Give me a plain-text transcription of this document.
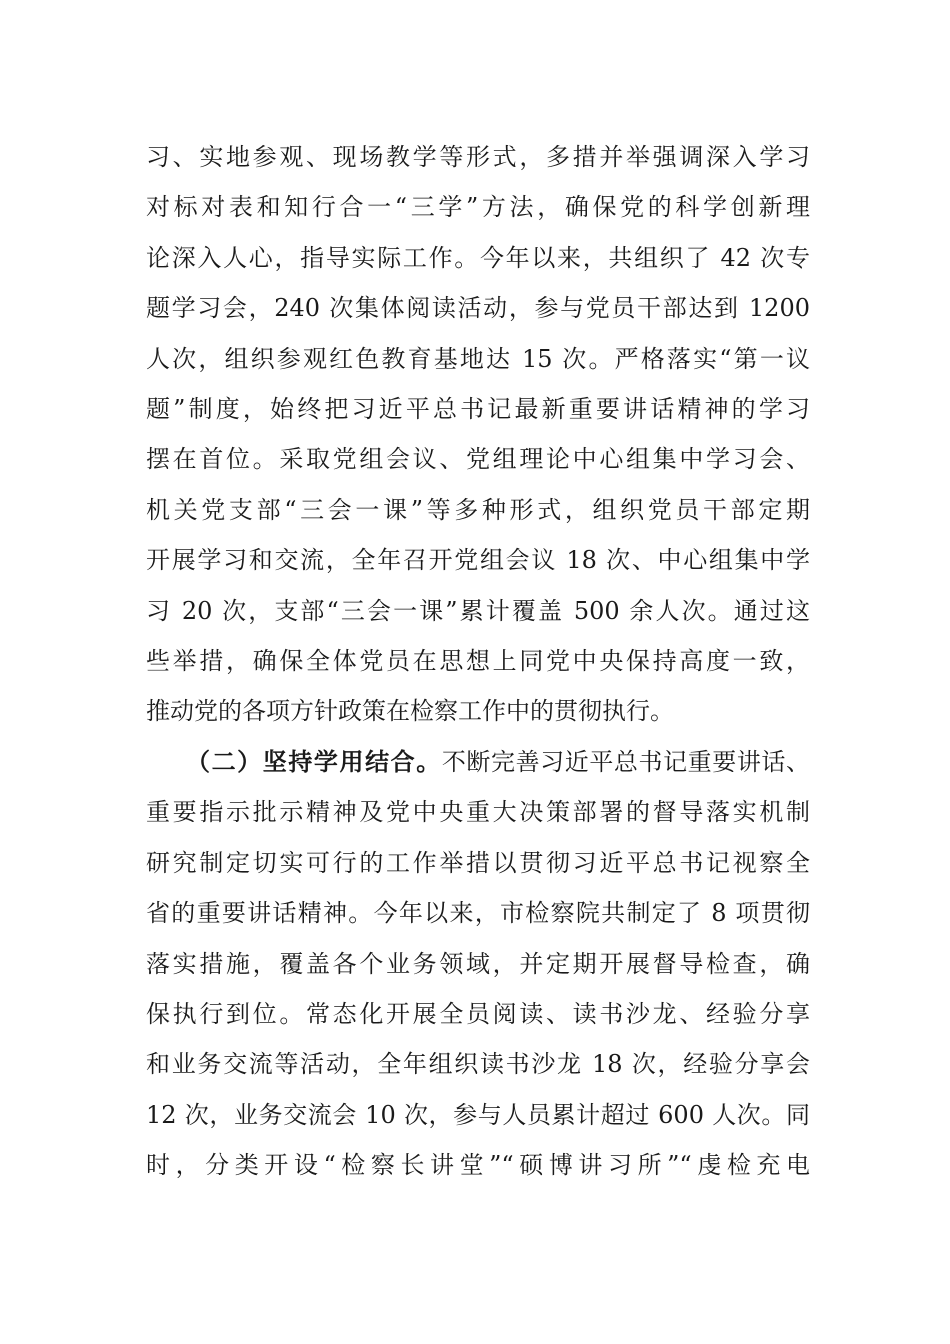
习、实地参观、现场教学等形式，多措并举强调深入学习
对标对表和知行合一“三学”方法，确保党的科学创新理
论深入人心，指导实际工作。今年以来，共组织了 42 次专
题学习会，240 次集体阅读活动，参与党员干部达到 1200
人次，组织参观红色教育基地达 15 次。严格落实“第一议
题”制度，始终把习近平总书记最新重要讲话精神的学习
摆在首位。采取党组会议、党组理论中心组集中学习会、
机关党支部“三会一课”等多种形式，组织党员干部定期
开展学习和交流，全年召开党组会议 18 次、中心组集中学
习 20 次，支部“三会一课”累计覆盖 500 余人次。通过这
些举措，确保全体党员在思想上同党中央保持高度一致，
推动党的各项方针政策在检察工作中的贯彻执行。
（二）坚持学用结合。不断完善习近平总书记重要讲话、
重要指示批示精神及党中央重大决策部署的督导落实机制
研究制定切实可行的工作举措以贯彻习近平总书记视察全
省的重要讲话精神。今年以来，市检察院共制定了 8 项贯彻
落实措施，覆盖各个业务领域，并定期开展督导检查，确
保执行到位。常态化开展全员阅读、读书沙龙、经验分享
和业务交流等活动，全年组织读书沙龙 18 次，经验分享会
12 次，业务交流会 10 次，参与人员累计超过 600 人次。同
时，分类开设“检察长讲堂”“硕博讲习所”“虔检充电
